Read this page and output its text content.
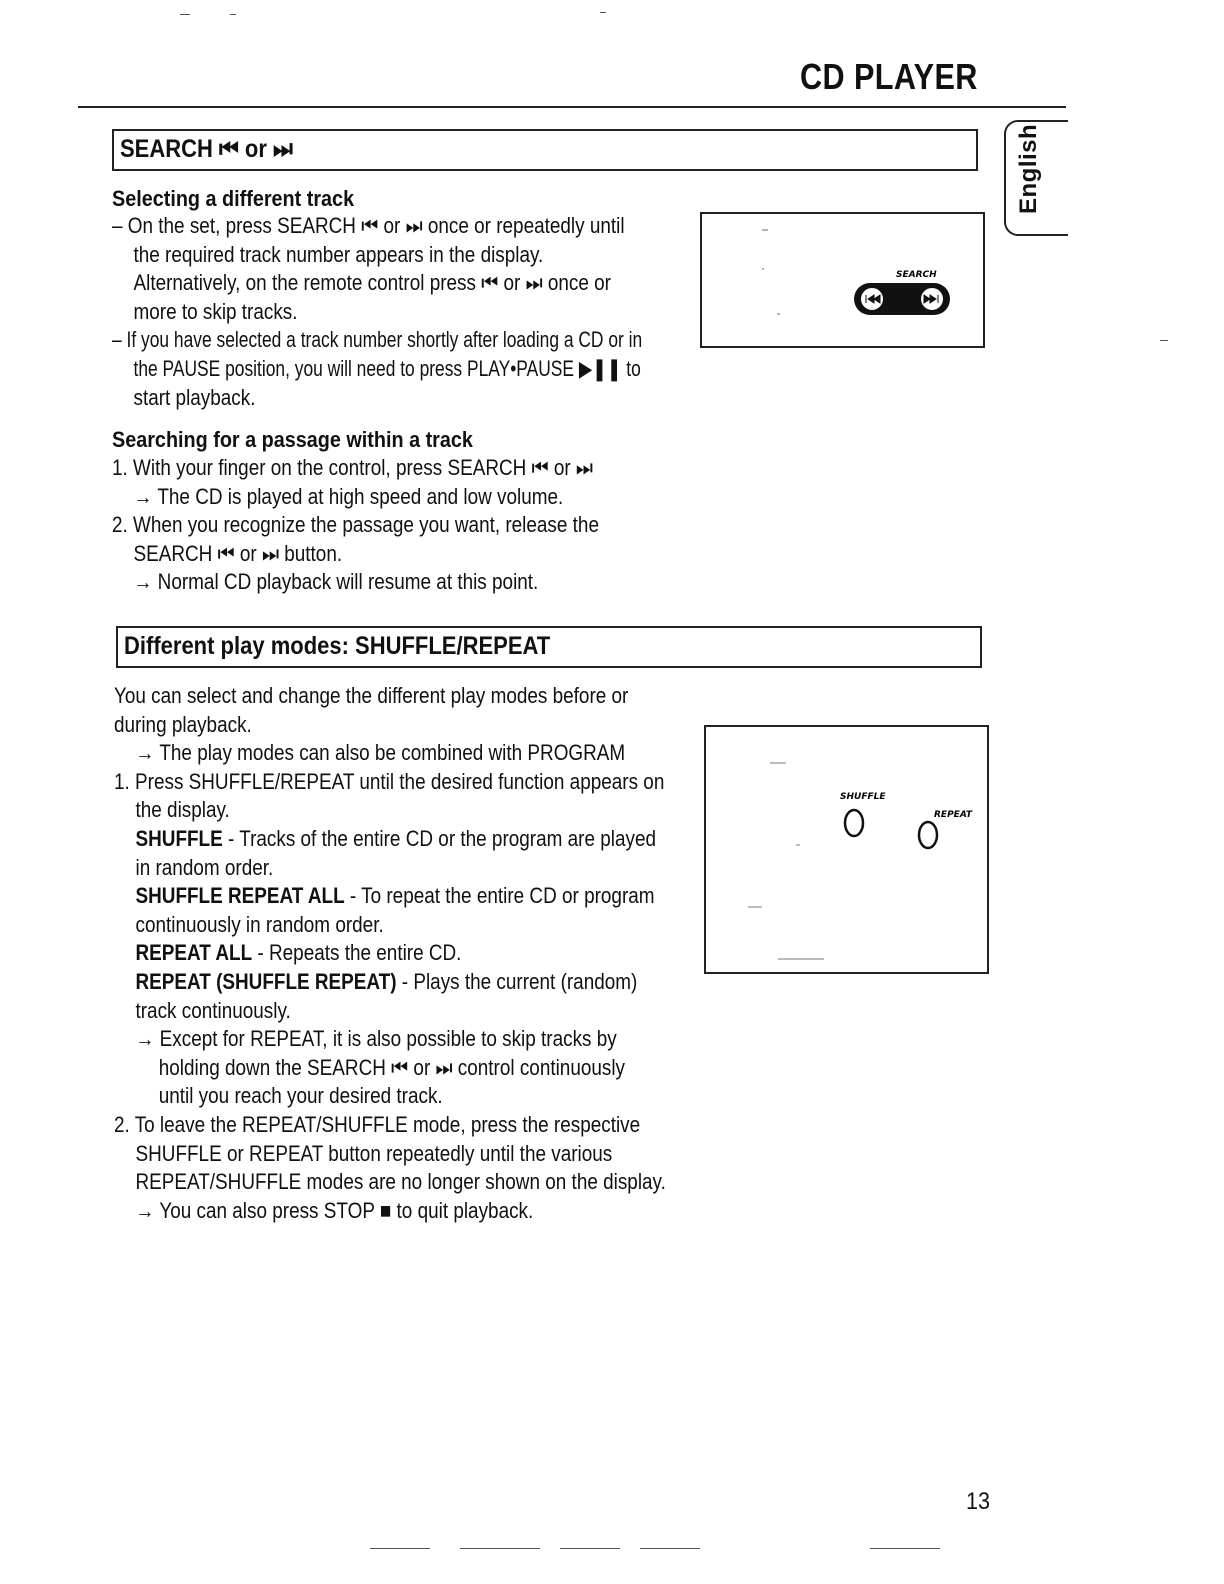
CD PLAYER
English
SEARCH ⏮ or ⏭
Selecting a different track
– On the set, press SEARCH ⏮ or ⏭ once or repeatedly until
the required track number appears in the display.
Alternatively, on the remote control press ⏮ or ⏭ once or
more to skip tracks.
– If you have selected a track number shortly after loading a CD or in
the PAUSE position, you will need to press PLAY•PAUSE ▶❚❚ to
start playback.
Searching for a passage within a track
1. With your finger on the control, press SEARCH ⏮ or ⏭
→ The CD is played at high speed and low volume.
2. When you recognize the passage you want, release the
SEARCH ⏮ or ⏭ button.
→ Normal CD playback will resume at this point.
SEARCH
Different play modes: SHUFFLE/REPEAT
You can select and change the different play modes before or
during playback.
→ The play modes can also be combined with PROGRAM
1. Press SHUFFLE/REPEAT until the desired function appears on
the display.
SHUFFLE - Tracks of the entire CD or the program are played
in random order.
SHUFFLE REPEAT ALL - To repeat the entire CD or program
continuously in random order.
REPEAT ALL - Repeats the entire CD.
REPEAT (SHUFFLE REPEAT) - Plays the current (random)
track continuously.
→ Except for REPEAT, it is also possible to skip tracks by
holding down the SEARCH ⏮ or ⏭ control continuously
until you reach your desired track.
2. To leave the REPEAT/SHUFFLE mode, press the respective
SHUFFLE or REPEAT button repeatedly until the various
REPEAT/SHUFFLE modes are no longer shown on the display.
→ You can also press STOP ■ to quit playback.
SHUFFLE
REPEAT
13
